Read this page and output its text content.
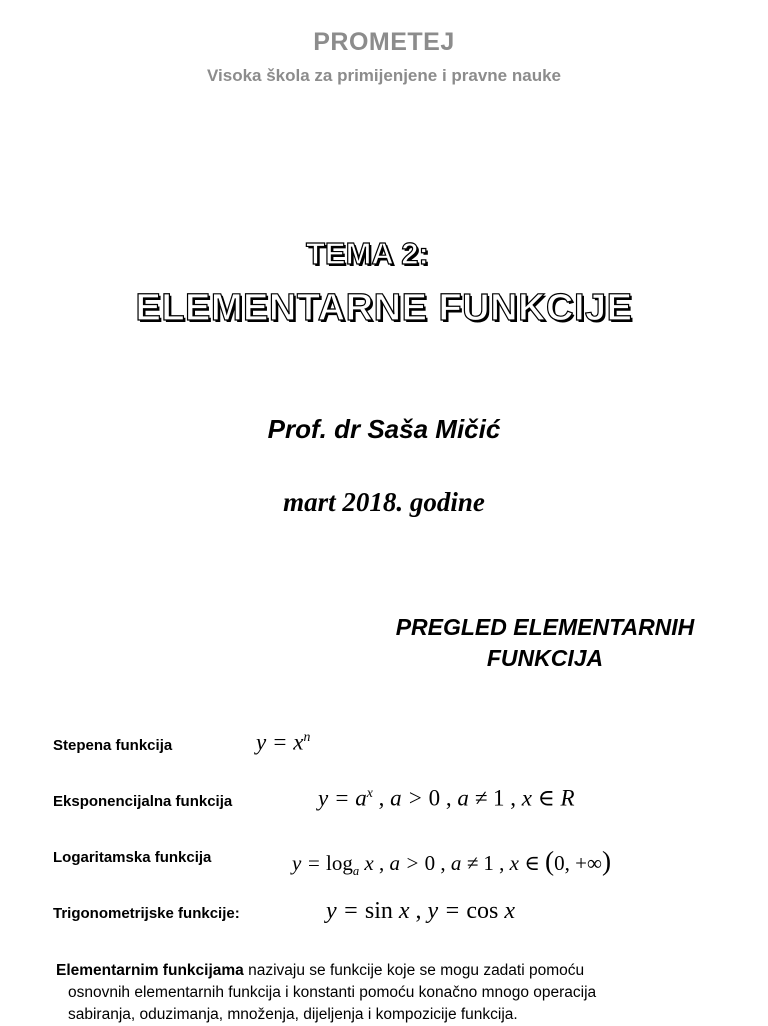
PROMETEJ
Visoka škola za primijenjene i pravne nauke
TEMA 2:
ELEMENTARNE FUNKCIJE
Prof. dr Saša Mičić
mart 2018. godine
PREGLED ELEMENTARNIH
FUNKCIJA
Stepena funkcija	$y = x^n$
Eksponencijalna funkcija	$y = a^x$ , a > 0 , a ≠ 1 , x ∈ R
Logaritamska funkcija	$y = \log_a x$ , a > 0 , a ≠ 1 , x ∈ (0, +∞)
Trigonometrijske funkcije:	y = sin x , y = cos x
Elementarnim funkcijama nazivaju se funkcije koje se mogu zadati pomoću
osnovnih elementarnih funkcija i konstanti pomoću konačno mnogo operacija
sabiranja, oduzimanja, množenja, dijeljenja i kompozicije funkcija.
